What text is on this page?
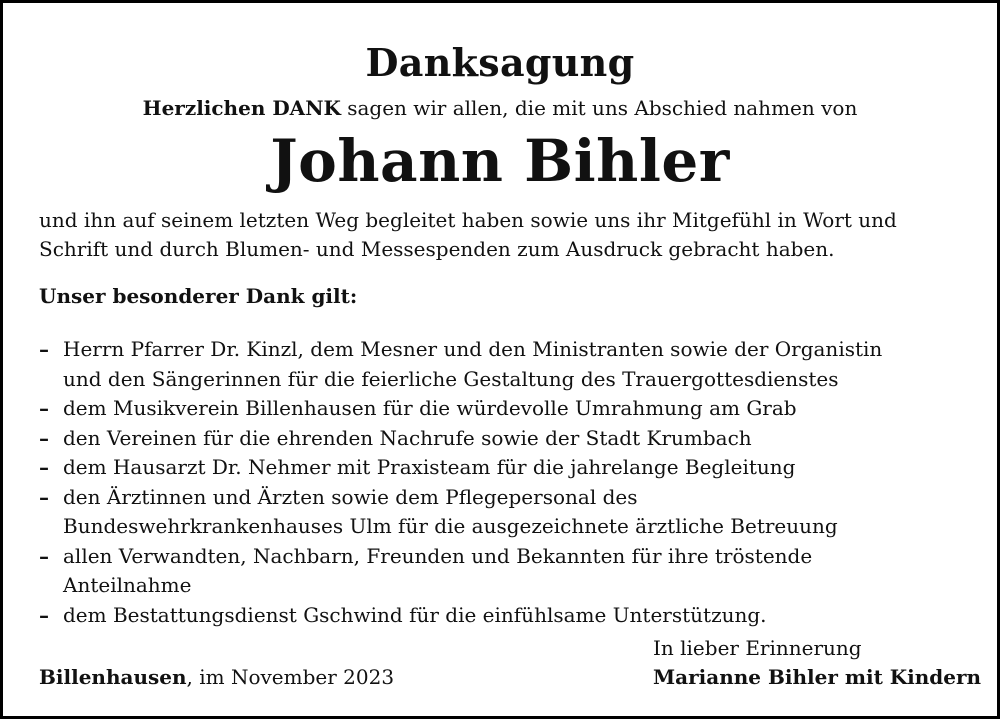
Danksagung
Herzlichen DANK sagen wir allen, die mit uns Abschied nahmen von
Johann Bihler
und ihn auf seinem letzten Weg begleitet haben sowie uns ihr Mitgefühl in Wort und
Schrift und durch Blumen- und Messespenden zum Ausdruck gebracht haben.
Unser besonderer Dank gilt:
– Herrn Pfarrer Dr. Kinzl, dem Mesner und den Ministranten sowie der Organistin
und den Sängerinnen für die feierliche Gestaltung des Trauergottesdienstes
– dem Musikverein Billenhausen für die würdevolle Umrahmung am Grab
– den Vereinen für die ehrenden Nachrufe sowie der Stadt Krumbach
– dem Hausarzt Dr. Nehmer mit Praxisteam für die jahrelange Begleitung
– den Ärztinnen und Ärzten sowie dem Pflegepersonal des
Bundeswehrkrankenhauses Ulm für die ausgezeichnete ärztliche Betreuung
– allen Verwandten, Nachbarn, Freunden und Bekannten für ihre tröstende
Anteilnahme
– dem Bestattungsdienst Gschwind für die einfühlsame Unterstützung.
In lieber Erinnerung
Marianne Bihler mit Kindern
Billenhausen, im November 2023
